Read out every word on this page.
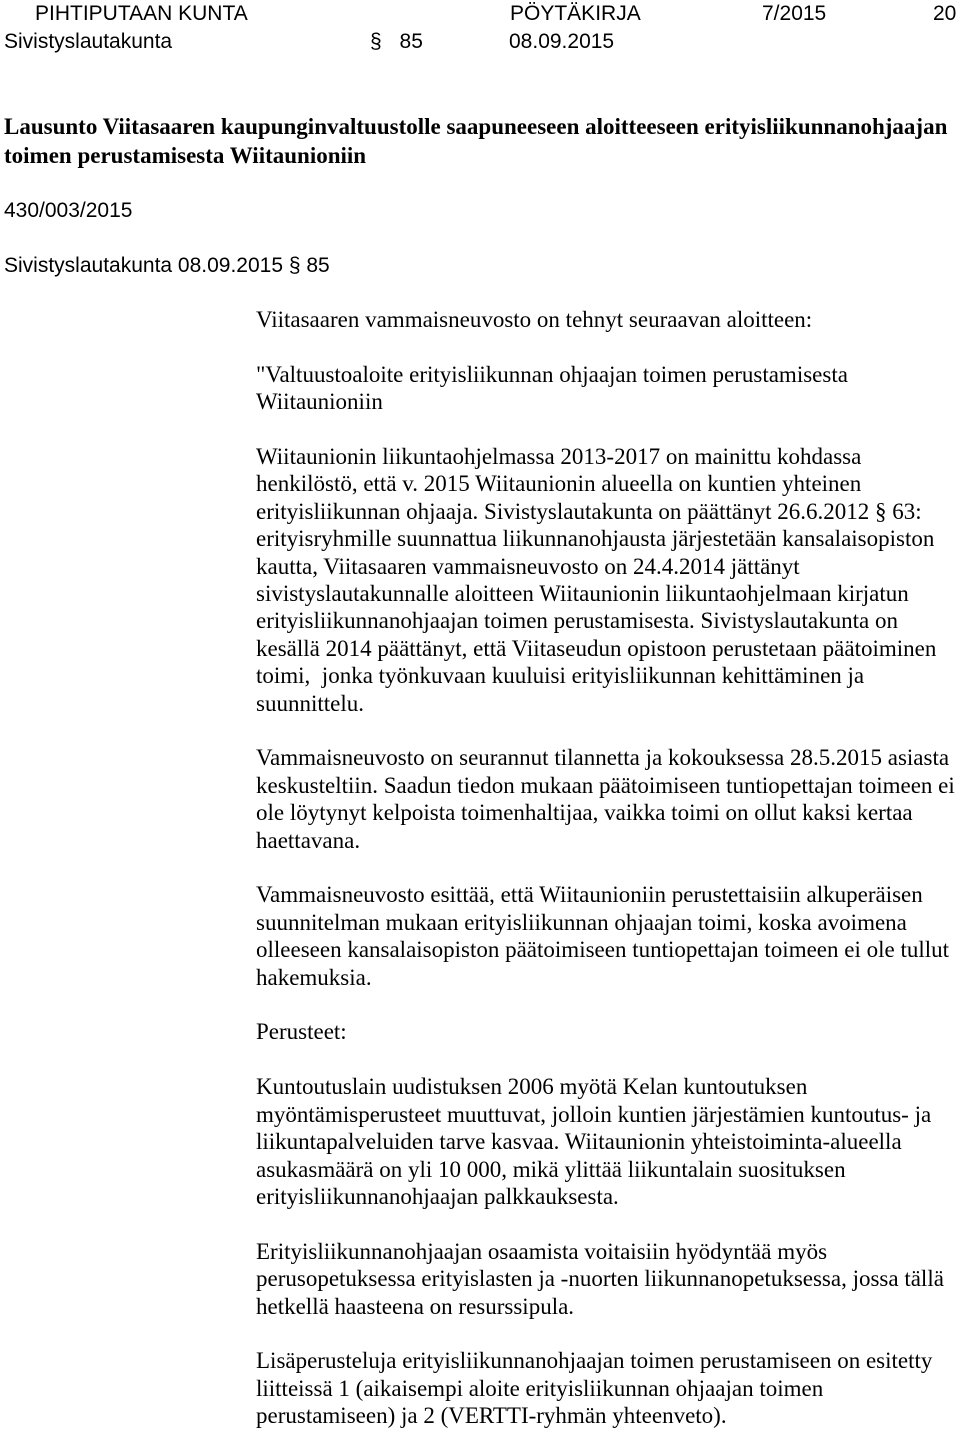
PIHTIPUTAAN KUNTA	PÖYTÄKIRJA	7/2015	20
Sivistyslautakunta	§ 85	08.09.2015
Lausunto Viitasaaren kaupunginvaltuustolle saapuneeseen aloitteeseen erityisliikunnanohjaajan
toimen perustamisesta Wiitaunioniin
430/003/2015
Sivistyslautakunta 08.09.2015 § 85
Viitasaaren vammaisneuvosto on tehnyt seuraavan aloitteen:
"Valtuustoaloite erityisliikunnan ohjaajan toimen perustamisesta
Wiitaunioniin
Wiitaunionin liikuntaohjelmassa 2013-2017 on mainittu kohdassa
henkilöstö, että v. 2015 Wiitaunionin alueella on kuntien yhteinen
erityisliikunnan ohjaaja. Sivistyslautakunta on päättänyt 26.6.2012 § 63:
erityisryhmille suunnattua liikunnanohjausta järjestetään kansalaisopiston
kautta, Viitasaaren vammaisneuvosto on 24.4.2014 jättänyt
sivistyslautakunnalle aloitteen Wiitaunionin liikuntaohjelmaan kirjatun
erityisliikunnanohjaajan toimen perustamisesta. Sivistyslautakunta on
kesällä 2014 päättänyt, että Viitaseudun opistoon perustetaan päätoiminen
toimi,  jonka työnkuvaan kuuluisi erityisliikunnan kehittäminen ja
suunnittelu.
Vammaisneuvosto on seurannut tilannetta ja kokouksessa 28.5.2015 asiasta
keskusteltiin. Saadun tiedon mukaan päätoimiseen tuntiopettajan toimeen ei
ole löytynyt kelpoista toimenhaltijaa, vaikka toimi on ollut kaksi kertaa
haettavana.
Vammaisneuvosto esittää, että Wiitaunioniin perustettaisiin alkuperäisen
suunnitelman mukaan erityisliikunnan ohjaajan toimi, koska avoimena
olleeseen kansalaisopiston päätoimiseen tuntiopettajan toimeen ei ole tullut
hakemuksia.
Perusteet:
Kuntoutuslain uudistuksen 2006 myötä Kelan kuntoutuksen
myöntämisperusteet muuttuvat, jolloin kuntien järjestämien kuntoutus- ja
liikuntapalveluiden tarve kasvaa. Wiitaunionin yhteistoiminta-alueella
asukasmäärä on yli 10 000, mikä ylittää liikuntalain suosituksen
erityisliikunnanohjaajan palkkauksesta.
Erityisliikunnanohjaajan osaamista voitaisiin hyödyntää myös
perusopetuksessa erityislasten ja -nuorten liikunnanopetuksessa, jossa tällä
hetkellä haasteena on resurssipula.
Lisäperusteluja erityisliikunnanohjaajan toimen perustamiseen on esitetty
liitteissä 1 (aikaisempi aloite erityisliikunnan ohjaajan toimen
perustamiseen) ja 2 (VERTTI-ryhmän yhteenveto).
